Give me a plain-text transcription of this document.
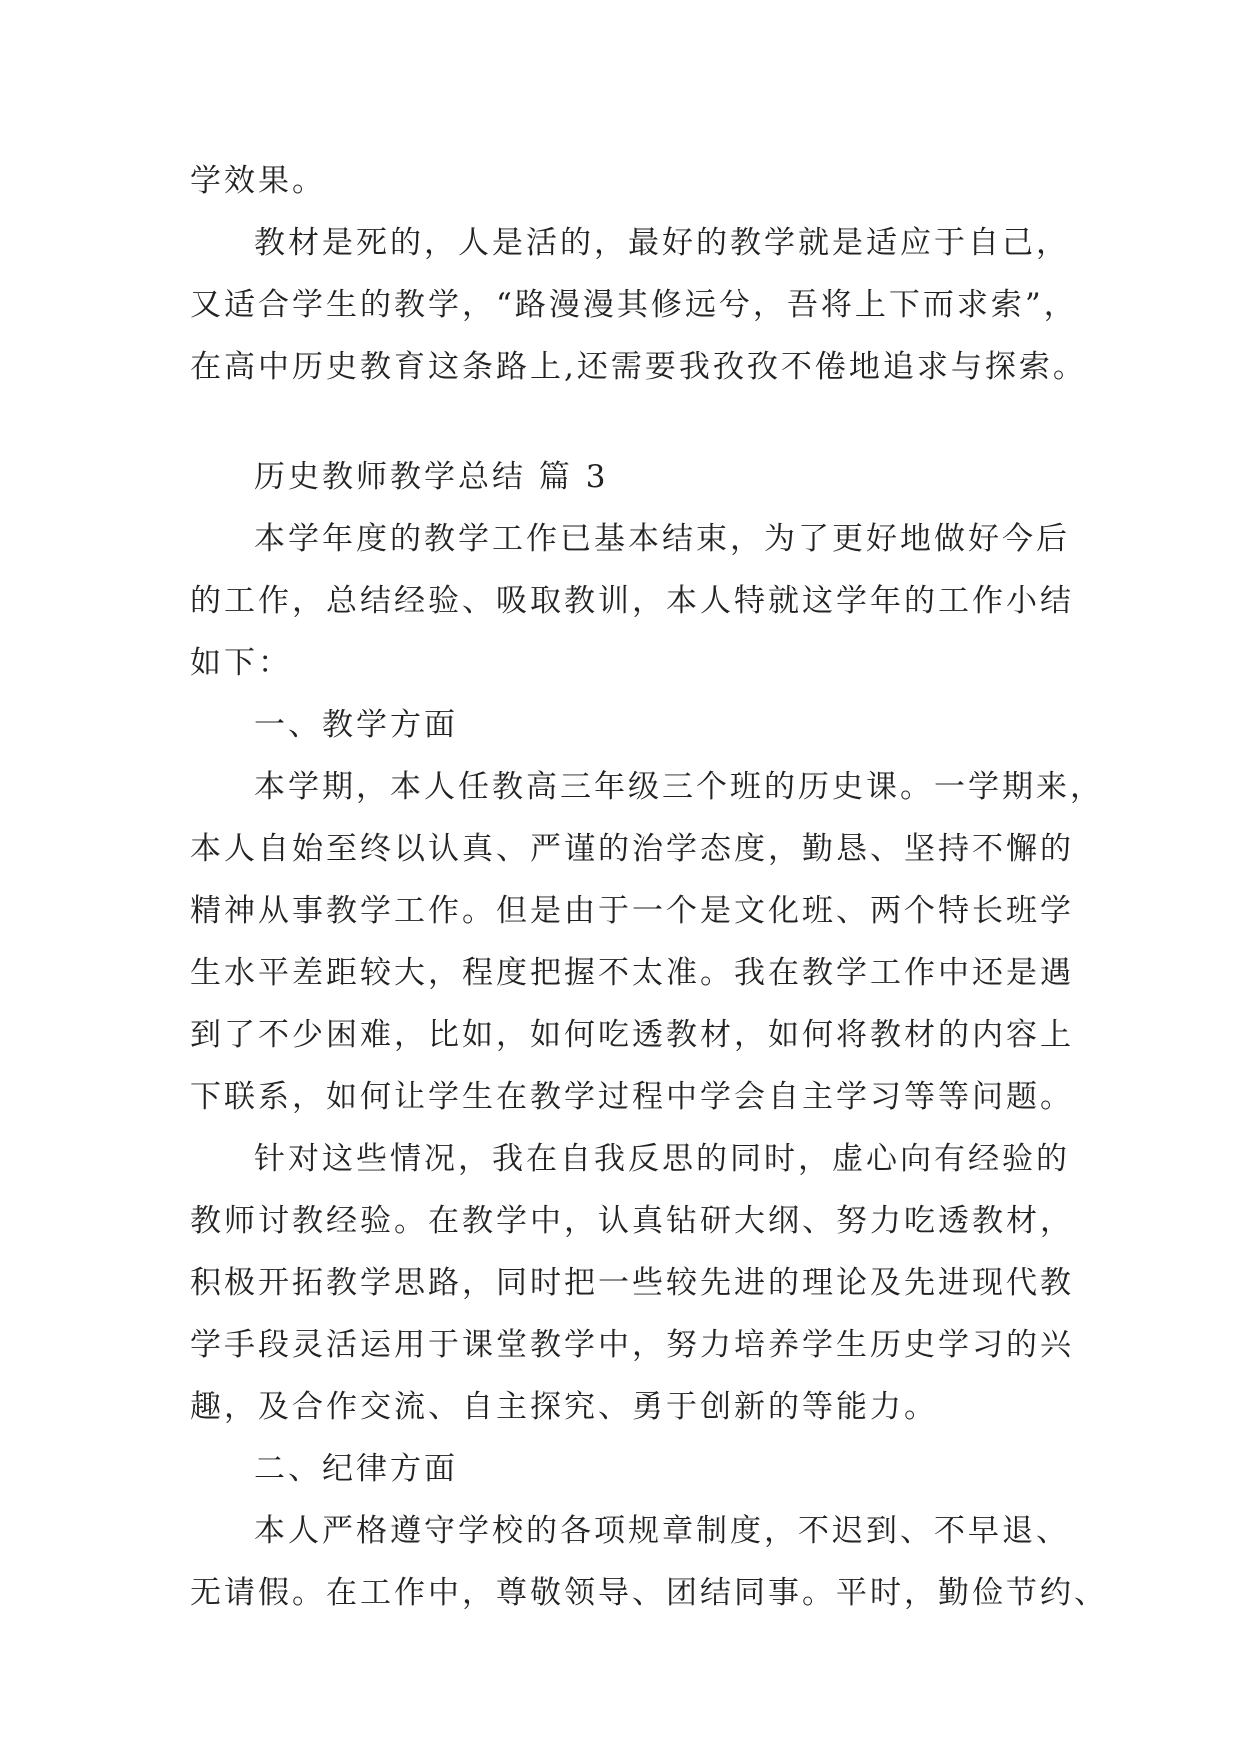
学效果。
教材是死的，人是活的，最好的教学就是适应于自己，
又适合学生的教学，“路漫漫其修远兮，吾将上下而求索”，
在高中历史教育这条路上,还需要我孜孜不倦地追求与探索。
历史教师教学总结 篇 3
本学年度的教学工作已基本结束，为了更好地做好今后
的工作，总结经验、吸取教训，本人特就这学年的工作小结
如下：
一、教学方面
本学期，本人任教高三年级三个班的历史课。一学期来，
本人自始至终以认真、严谨的治学态度，勤恳、坚持不懈的
精神从事教学工作。但是由于一个是文化班、两个特长班学
生水平差距较大，程度把握不太准。我在教学工作中还是遇
到了不少困难，比如，如何吃透教材，如何将教材的内容上
下联系，如何让学生在教学过程中学会自主学习等等问题。
针对这些情况，我在自我反思的同时，虚心向有经验的
教师讨教经验。在教学中，认真钻研大纲、努力吃透教材，
积极开拓教学思路，同时把一些较先进的理论及先进现代教
学手段灵活运用于课堂教学中，努力培养学生历史学习的兴
趣，及合作交流、自主探究、勇于创新的等能力。
二、纪律方面
本人严格遵守学校的各项规章制度，不迟到、不早退、
无请假。在工作中，尊敬领导、团结同事。平时，勤俭节约、
